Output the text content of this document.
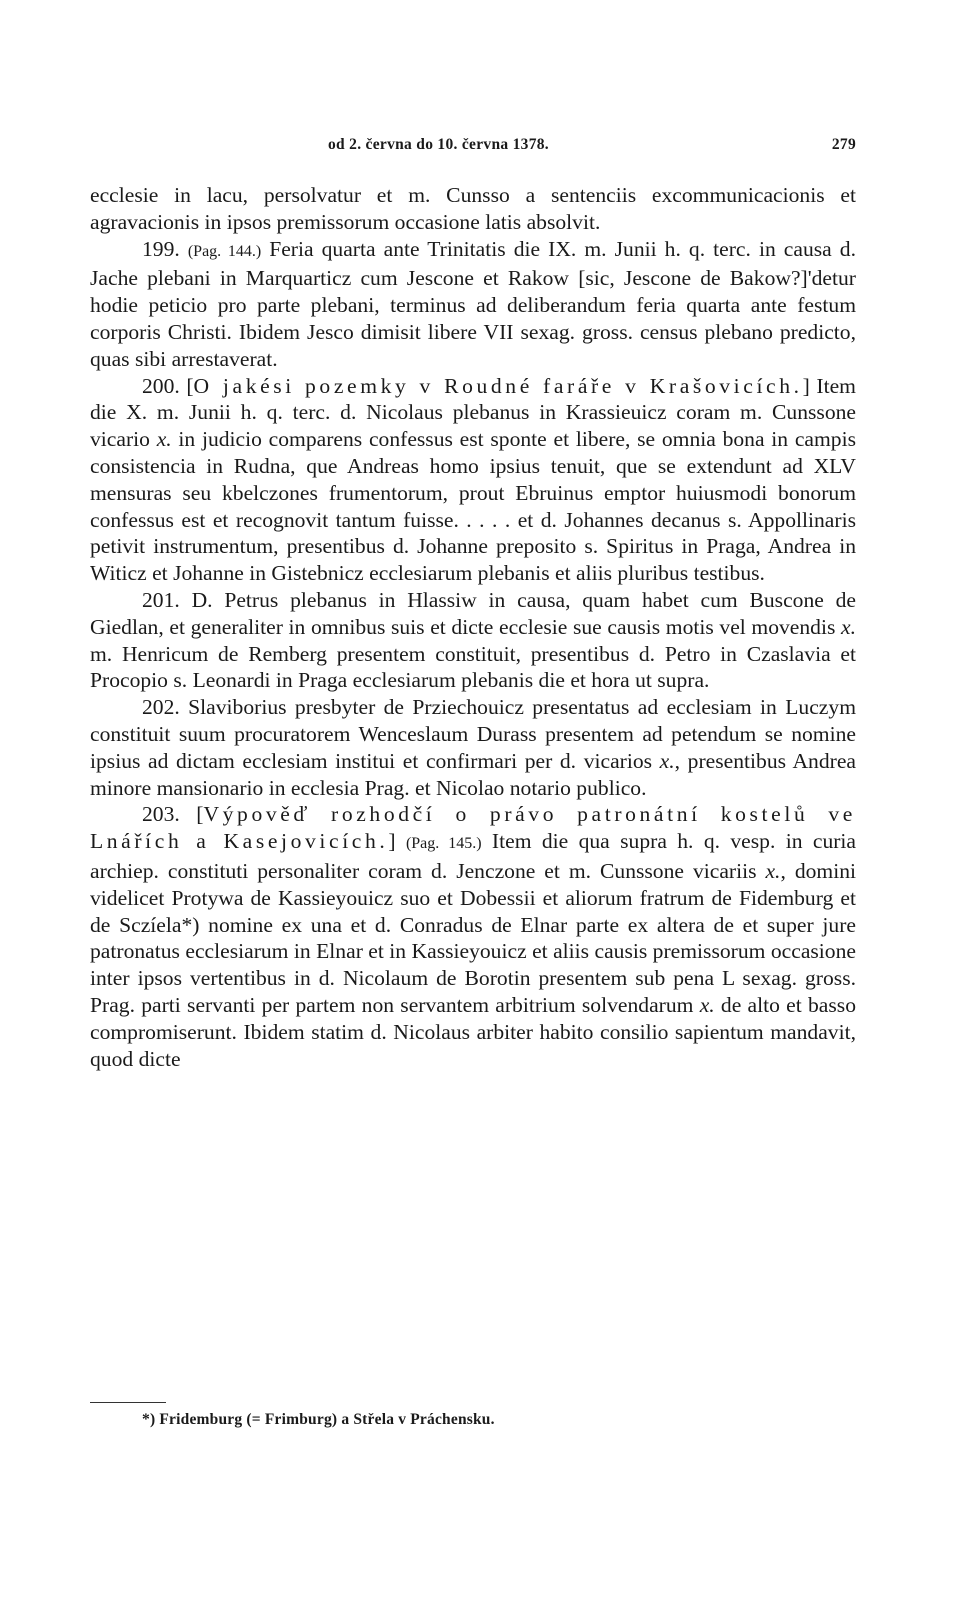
od 2. června do 10. června 1378.	279

ecclesie in lacu, persolvatur et m. Cunsso a sentenciis excommunicacionis et agravacionis in ipsos premissorum occasione latis absolvit.

199. (Pag. 144.) Feria quarta ante Trinitatis die IX. m. Junii h. q. terc. in causa d. Jache plebani in Marquarticz cum Jescone et Rakow [sic, Jescone de Bakow?]'detur hodie peticio pro parte plebani, terminus ad deliberandum feria quarta ante festum corporis Christi. Ibidem Jesco dimisit libere VII sexag. gross. census plebano predicto, quas sibi arrestaverat.

200. [O jakési pozemky v Roudné faráře v Krašovicích.] Item die X. m. Junii h. q. terc. d. Nicolaus plebanus in Krassieuicz coram m. Cunssone vicario x. in judicio comparens confessus est sponte et libere, se omnia bona in campis consistencia in Rudna, que Andreas homo ipsius tenuit, que se extendunt ad XLV mensuras seu kbelczones frumentorum, prout Ebruinus emptor huiusmodi bonorum confessus est et recognovit tantum fuisse. . . . . et d. Johannes decanus s. Appollinaris petivit instrumentum, presentibus d. Johanne preposito s. Spiritus in Praga, Andrea in Witicz et Johanne in Gistebnicz ecclesiarum plebanis et aliis pluribus testibus.

201. D. Petrus plebanus in Hlassiw in causa, quam habet cum Buscone de Giedlan, et generaliter in omnibus suis et dicte ecclesie sue causis motis vel movendis x. m. Henricum de Remberg presentem constituit, presentibus d. Petro in Czaslavia et Procopio s. Leonardi in Praga ecclesiarum plebanis die et hora ut supra.

202. Slaviborius presbyter de Prziechouicz presentatus ad ecclesiam in Luczym constituit suum procuratorem Wenceslaum Durass presentem ad petendum se nomine ipsius ad dictam ecclesiam institui et confirmari per d. vicarios x., presentibus Andrea minore mansionario in ecclesia Prag. et Nicolao notario publico.

203. [Výpověď rozhodčí o právo patronátní kostelů ve Lnářích a Kasejovicích.] (Pag. 145.) Item die qua supra h. q. vesp. in curia archiep. constituti personaliter coram d. Jenczone et m. Cunssone vicariis x., domini videlicet Protywa de Kassieyouicz suo et Dobessii et aliorum fratrum de Fidemburg et de Sczíela*) nomine ex una et d. Conradus de Elnar parte ex altera de et super jure patronatus ecclesiarum in Elnar et in Kassieyouicz et aliis causis premissorum occasione inter ipsos vertentibus in d. Nicolaum de Borotin presentem sub pena L sexag. gross. Prag. parti servanti per partem non servantem arbitrium solvendarum x. de alto et basso compromiserunt. Ibidem statim d. Nicolaus arbiter habito consilio sapientum mandavit, quod dicte

*) Fridemburg (= Frimburg) a Střela v Práchensku.
